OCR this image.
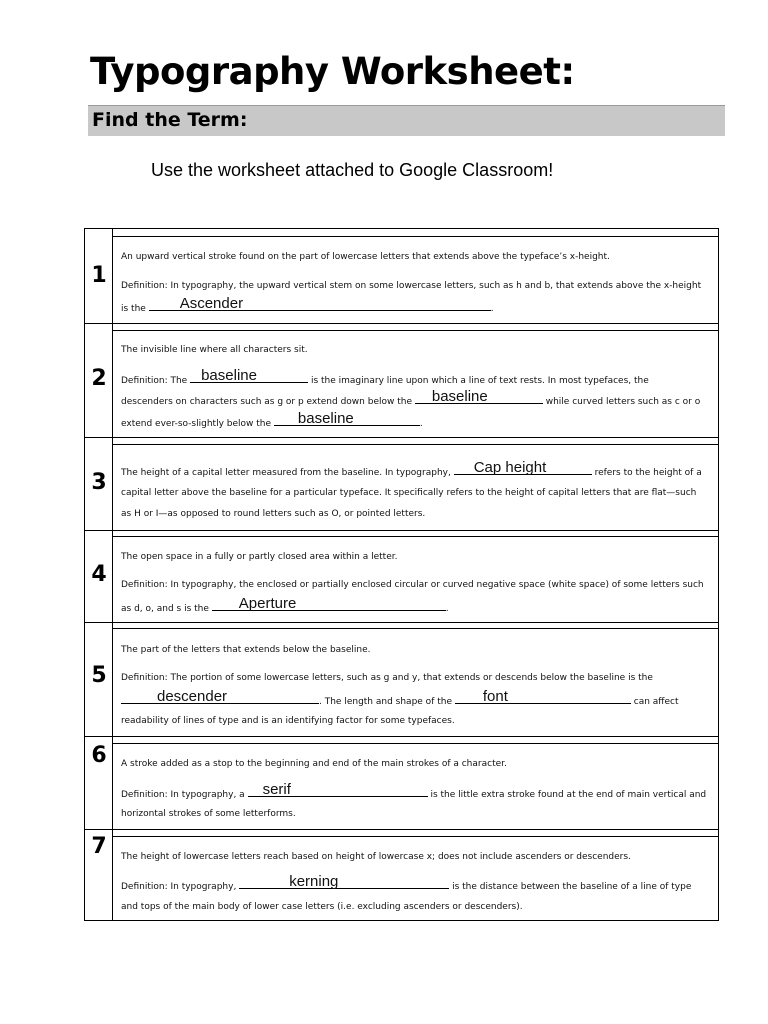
Typography Worksheet:
Find the Term:
Use the worksheet attached to Google Classroom!
1
An upward vertical stroke found on the part of lowercase letters that extends above the typeface’s x-height.
Definition: In typography, the upward vertical stem on some lowercase letters, such as h and b, that extends above the x-height
is the Ascender	.
2
The invisible line where all characters sit.
Definition: The baseline	is the imaginary line upon which a line of text rests. In most typefaces, the
descenders on characters such as g or p extend down below the baseline	while curved letters such as c or o
extend ever-so-slightly below the baseline	.
3	The height of a capital letter measured from the baseline. In typography, Cap height	refers to the height of a
capital letter above the baseline for a particular typeface. It specifically refers to the height of capital letters that are flat—such
as H or I—as opposed to round letters such as O, or pointed letters.
4
The open space in a fully or partly closed area within a letter.
Definition: In typography, the enclosed or partially enclosed circular or curved negative space (white space) of some letters such
as d, o, and s is the Aperture	.
5
The part of the letters that extends below the baseline.
Definition: The portion of some lowercase letters, such as g and y, that extends or descends below the baseline is the
descender	. The length and shape of the font	can affect
readability of lines of type and is an identifying factor for some typefaces.
6	A stroke added as a stop to the beginning and end of the main strokes of a character.
Definition: In typography, a serif	is the little extra stroke found at the end of main vertical and
horizontal strokes of some letterforms.
7	The height of lowercase letters reach based on height of lowercase x; does not include ascenders or descenders.
Definition: In typography,	kerning	is the distance between the baseline of a line of type
and tops of the main body of lower case letters (i.e. excluding ascenders or descenders).
